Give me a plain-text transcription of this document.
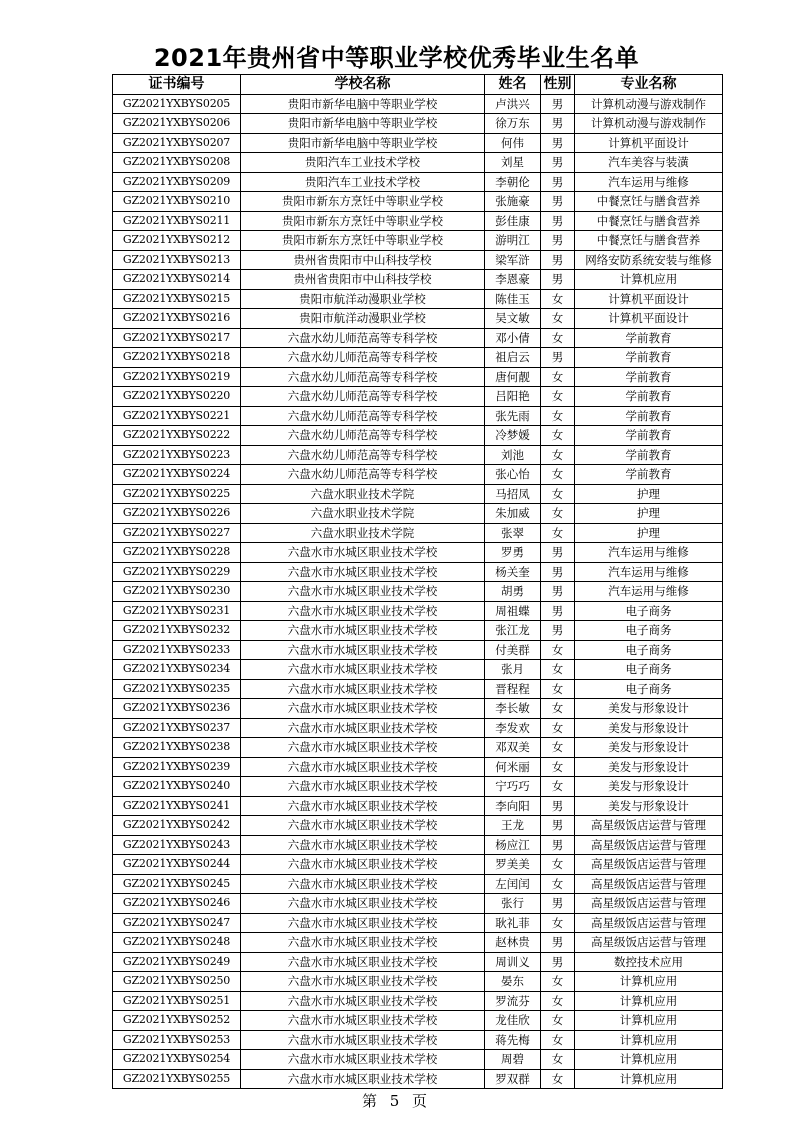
2021年贵州省中等职业学校优秀毕业生名单
证书编号	学校名称	姓名	性别	专业名称
GZ2021YXBYS0205	贵阳市新华电脑中等职业学校	卢洪兴	男	计算机动漫与游戏制作
GZ2021YXBYS0206	贵阳市新华电脑中等职业学校	徐万东	男	计算机动漫与游戏制作
GZ2021YXBYS0207	贵阳市新华电脑中等职业学校	何伟	男	计算机平面设计
GZ2021YXBYS0208	贵阳汽车工业技术学校	刘星	男	汽车美容与装潢
GZ2021YXBYS0209	贵阳汽车工业技术学校	李朝伦	男	汽车运用与维修
GZ2021YXBYS0210	贵阳市新东方烹饪中等职业学校	张施豪	男	中餐烹饪与膳食营养
GZ2021YXBYS0211	贵阳市新东方烹饪中等职业学校	彭佳康	男	中餐烹饪与膳食营养
GZ2021YXBYS0212	贵阳市新东方烹饪中等职业学校	游明江	男	中餐烹饪与膳食营养
GZ2021YXBYS0213	贵州省贵阳市中山科技学校	梁军浒	男	网络安防系统安装与维修
GZ2021YXBYS0214	贵州省贵阳市中山科技学校	李恩豪	男	计算机应用
GZ2021YXBYS0215	贵阳市航洋动漫职业学校	陈佳玉	女	计算机平面设计
GZ2021YXBYS0216	贵阳市航洋动漫职业学校	吴文敏	女	计算机平面设计
GZ2021YXBYS0217	六盘水幼儿师范高等专科学校	邓小倩	女	学前教育
GZ2021YXBYS0218	六盘水幼儿师范高等专科学校	祖启云	男	学前教育
GZ2021YXBYS0219	六盘水幼儿师范高等专科学校	唐何靓	女	学前教育
GZ2021YXBYS0220	六盘水幼儿师范高等专科学校	吕阳艳	女	学前教育
GZ2021YXBYS0221	六盘水幼儿师范高等专科学校	张先雨	女	学前教育
GZ2021YXBYS0222	六盘水幼儿师范高等专科学校	冷梦媛	女	学前教育
GZ2021YXBYS0223	六盘水幼儿师范高等专科学校	刘池	女	学前教育
GZ2021YXBYS0224	六盘水幼儿师范高等专科学校	张心怡	女	学前教育
GZ2021YXBYS0225	六盘水职业技术学院	马招凤	女	护理
GZ2021YXBYS0226	六盘水职业技术学院	朱加威	女	护理
GZ2021YXBYS0227	六盘水职业技术学院	张翠	女	护理
GZ2021YXBYS0228	六盘水市水城区职业技术学校	罗勇	男	汽车运用与维修
GZ2021YXBYS0229	六盘水市水城区职业技术学校	杨关奎	男	汽车运用与维修
GZ2021YXBYS0230	六盘水市水城区职业技术学校	胡勇	男	汽车运用与维修
GZ2021YXBYS0231	六盘水市水城区职业技术学校	周祖蝶	男	电子商务
GZ2021YXBYS0232	六盘水市水城区职业技术学校	张江龙	男	电子商务
GZ2021YXBYS0233	六盘水市水城区职业技术学校	付美群	女	电子商务
GZ2021YXBYS0234	六盘水市水城区职业技术学校	张月	女	电子商务
GZ2021YXBYS0235	六盘水市水城区职业技术学校	晋程程	女	电子商务
GZ2021YXBYS0236	六盘水市水城区职业技术学校	李长敏	女	美发与形象设计
GZ2021YXBYS0237	六盘水市水城区职业技术学校	李发欢	女	美发与形象设计
GZ2021YXBYS0238	六盘水市水城区职业技术学校	邓双美	女	美发与形象设计
GZ2021YXBYS0239	六盘水市水城区职业技术学校	何米丽	女	美发与形象设计
GZ2021YXBYS0240	六盘水市水城区职业技术学校	宁巧巧	女	美发与形象设计
GZ2021YXBYS0241	六盘水市水城区职业技术学校	李向阳	男	美发与形象设计
GZ2021YXBYS0242	六盘水市水城区职业技术学校	王龙	男	高星级饭店运营与管理
GZ2021YXBYS0243	六盘水市水城区职业技术学校	杨应江	男	高星级饭店运营与管理
GZ2021YXBYS0244	六盘水市水城区职业技术学校	罗美美	女	高星级饭店运营与管理
GZ2021YXBYS0245	六盘水市水城区职业技术学校	左闰闰	女	高星级饭店运营与管理
GZ2021YXBYS0246	六盘水市水城区职业技术学校	张行	男	高星级饭店运营与管理
GZ2021YXBYS0247	六盘水市水城区职业技术学校	耿礼菲	女	高星级饭店运营与管理
GZ2021YXBYS0248	六盘水市水城区职业技术学校	赵林贵	男	高星级饭店运营与管理
GZ2021YXBYS0249	六盘水市水城区职业技术学校	周训义	男	数控技术应用
GZ2021YXBYS0250	六盘水市水城区职业技术学校	晏东	女	计算机应用
GZ2021YXBYS0251	六盘水市水城区职业技术学校	罗流芬	女	计算机应用
GZ2021YXBYS0252	六盘水市水城区职业技术学校	龙佳欣	女	计算机应用
GZ2021YXBYS0253	六盘水市水城区职业技术学校	蒋先梅	女	计算机应用
GZ2021YXBYS0254	六盘水市水城区职业技术学校	周碧	女	计算机应用
GZ2021YXBYS0255	六盘水市水城区职业技术学校	罗双群	女	计算机应用
第 5 页
